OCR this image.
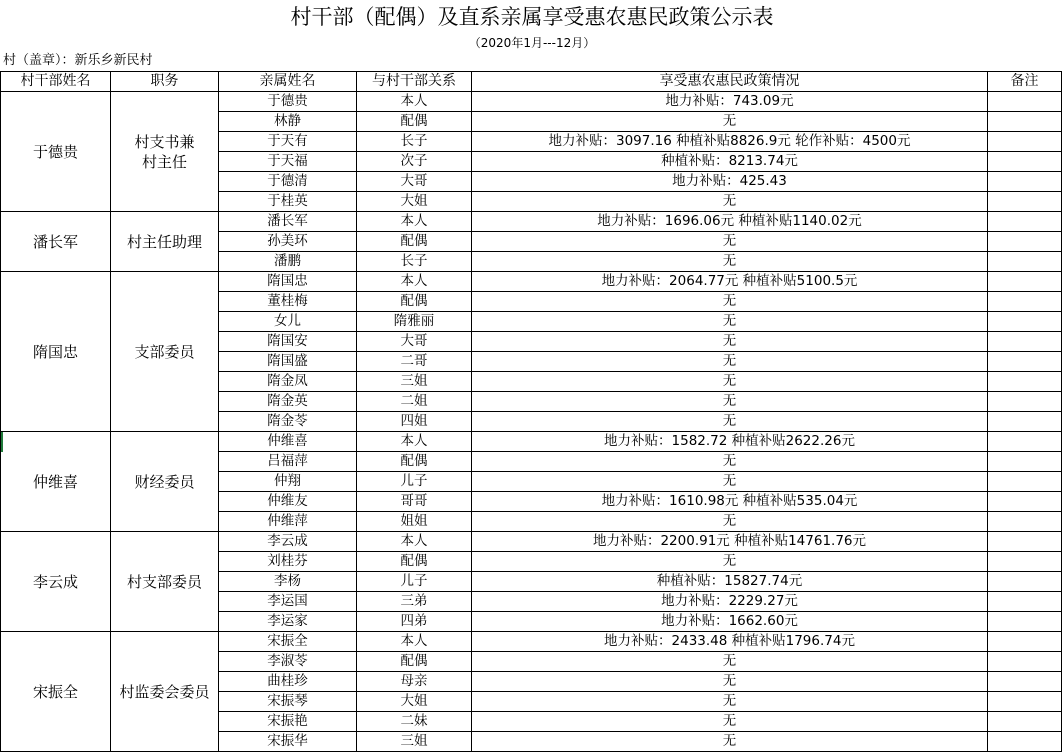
村干部（配偶）及直系亲属享受惠农惠民政策公示表
（2020年1月---12月）
村（盖章）：新乐乡新民村
村干部姓名	职务	亲属姓名	与村干部关系	享受惠农惠民政策情况	备注
于德贵	村支书兼村主任	于德贵	本人	地力补贴：743.09元	
		林静	配偶	无	
		于天有	长子	地力补贴：3097.16 种植补贴8826.9元 轮作补贴：4500元	
		于天福	次子	种植补贴：8213.74元	
		于德清	大哥	地力补贴：425.43	
		于桂英	大姐	无	
潘长军	村主任助理	潘长军	本人	地力补贴：1696.06元 种植补贴1140.02元	
		孙美环	配偶	无	
		潘鹏	长子	无	
隋国忠	支部委员	隋国忠	本人	地力补贴：2064.77元 种植补贴5100.5元	
		董桂梅	配偶	无	
		女儿	隋雅丽	无	
		隋国安	大哥	无	
		隋国盛	二哥	无	
		隋金凤	三姐	无	
		隋金英	二姐	无	
		隋金苓	四姐	无	
仲维喜	财经委员	仲维喜	本人	地力补贴：1582.72 种植补贴2622.26元	
		吕福萍	配偶	无	
		仲翔	儿子	无	
		仲维友	哥哥	地力补贴：1610.98元 种植补贴535.04元	
		仲维萍	姐姐	无	
李云成	村支部委员	李云成	本人	地力补贴：2200.91元 种植补贴14761.76元	
		刘桂芬	配偶	无	
		李杨	儿子	种植补贴：15827.74元	
		李运国	三弟	地力补贴：2229.27元	
		李运家	四弟	地力补贴：1662.60元	
宋振全	村监委会委员	宋振全	本人	地力补贴：2433.48 种植补贴1796.74元	
		李淑苓	配偶	无	
		曲桂珍	母亲	无	
		宋振琴	大姐	无	
		宋振艳	二妹	无	
		宋振华	三姐	无	
